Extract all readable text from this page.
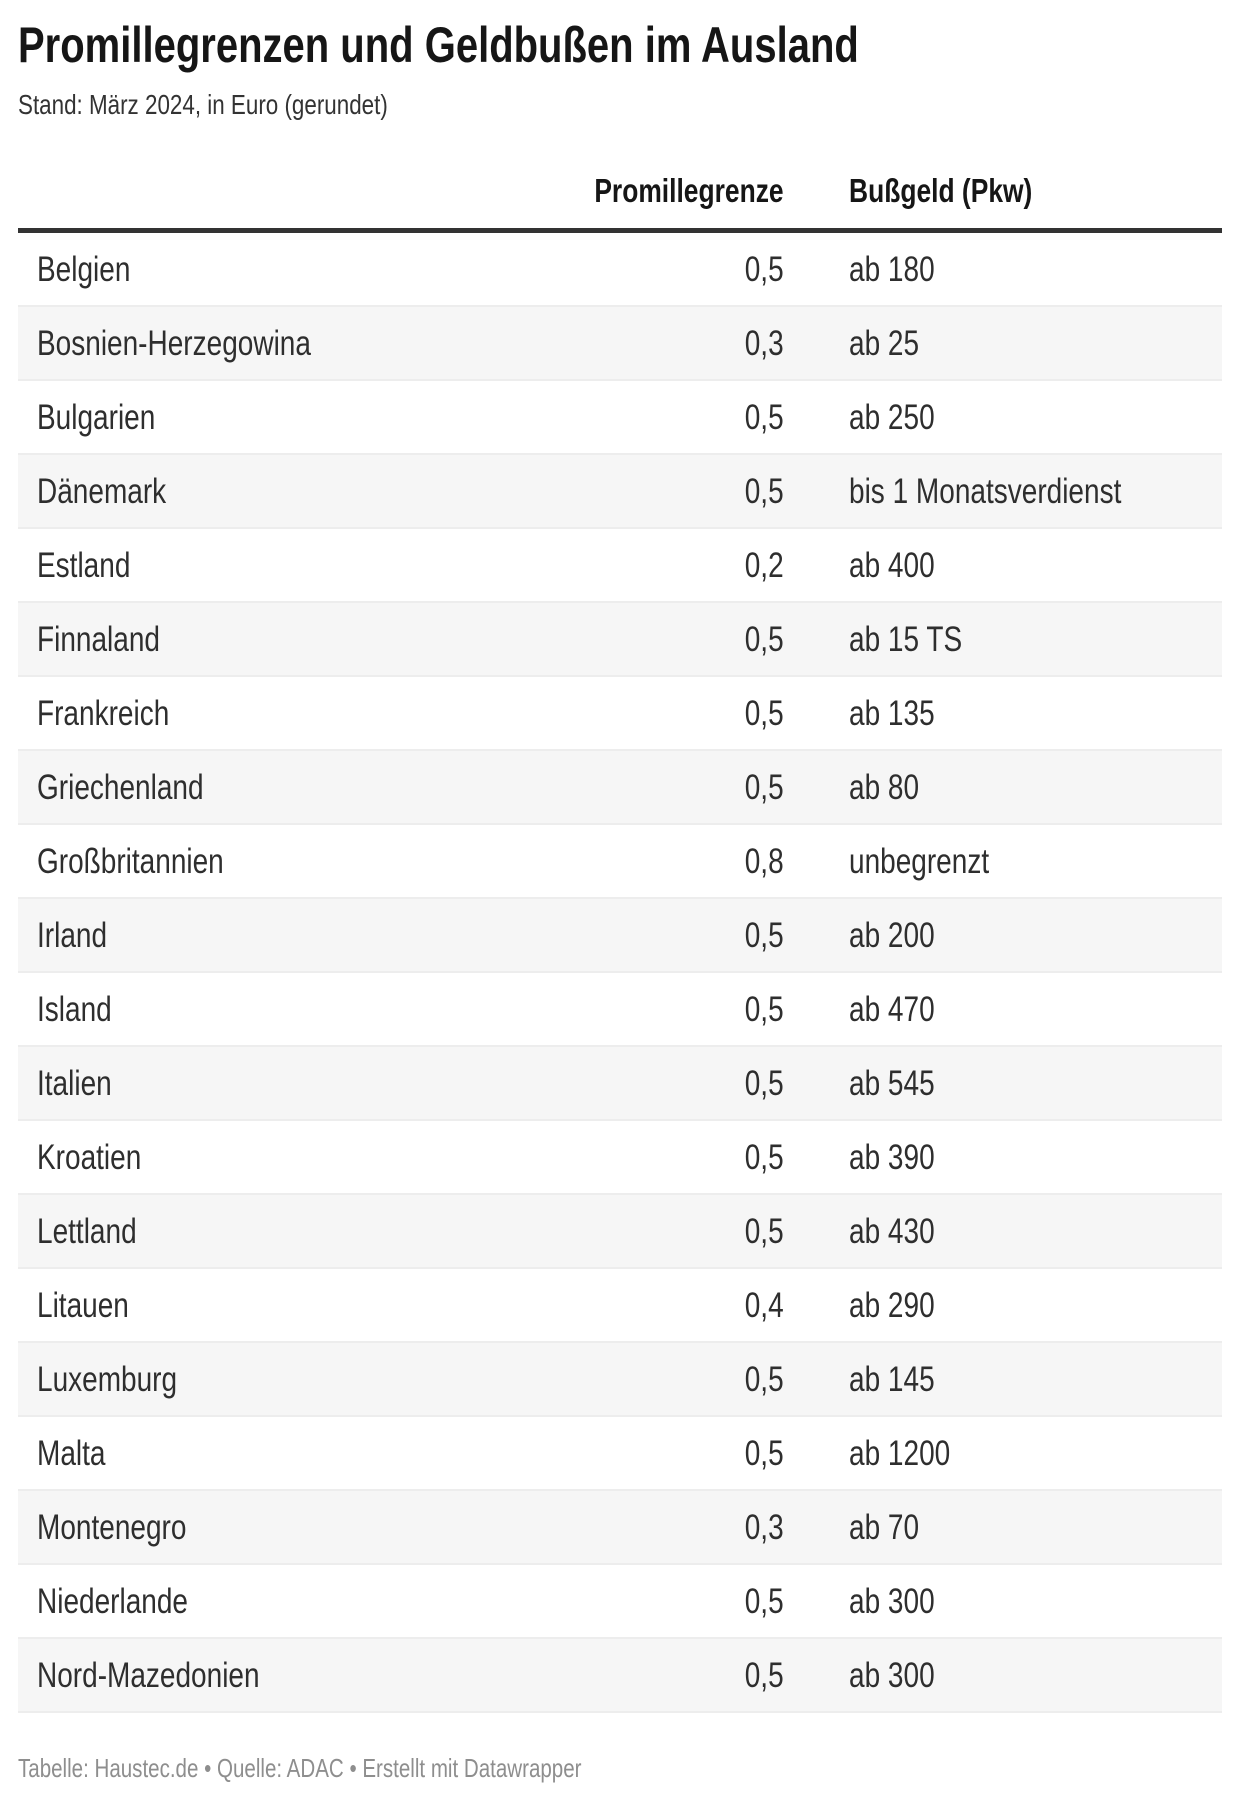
Promillegrenzen und Geldbußen im Ausland
Stand: März 2024, in Euro (gerundet)
	Promillegrenze	Bußgeld (Pkw)
Belgien	0,5	ab 180
Bosnien-Herzegowina	0,3	ab 25
Bulgarien	0,5	ab 250
Dänemark	0,5	bis 1 Monatsverdienst
Estland	0,2	ab 400
Finnaland	0,5	ab 15 TS
Frankreich	0,5	ab 135
Griechenland	0,5	ab 80
Großbritannien	0,8	unbegrenzt
Irland	0,5	ab 200
Island	0,5	ab 470
Italien	0,5	ab 545
Kroatien	0,5	ab 390
Lettland	0,5	ab 430
Litauen	0,4	ab 290
Luxemburg	0,5	ab 145
Malta	0,5	ab 1200
Montenegro	0,3	ab 70
Niederlande	0,5	ab 300
Nord-Mazedonien	0,5	ab 300
Tabelle: Haustec.de • Quelle: ADAC • Erstellt mit Datawrapper
